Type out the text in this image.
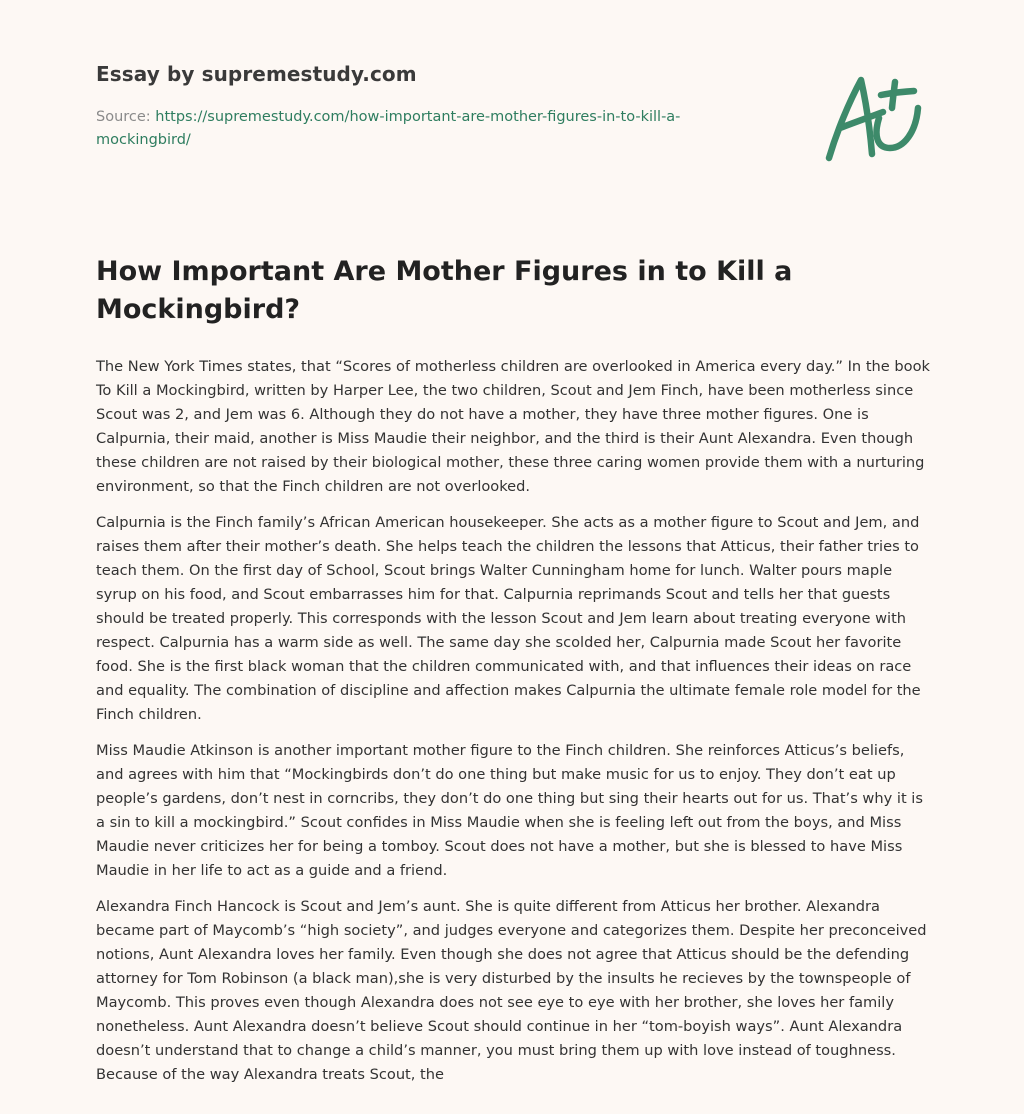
Essay by supremestudy.com
Source: https://supremestudy.com/how-important-are-mother-figures-in-to-kill-a-
mockingbird/
How Important Are Mother Figures in to Kill a Mockingbird?

The New York Times states, that “Scores of motherless children are overlooked in America every day.” In the book To Kill a Mockingbird, written by Harper Lee, the two children, Scout and Jem Finch, have been motherless since Scout was 2, and Jem was 6. Although they do not have a mother, they have three mother figures. One is Calpurnia, their maid, another is Miss Maudie their neighbor, and the third is their Aunt Alexandra. Even though these children are not raised by their biological mother, these three caring women provide them with a nurturing environment, so that the Finch children are not overlooked.

Calpurnia is the Finch family’s African American housekeeper. She acts as a mother figure to Scout and Jem, and raises them after their mother’s death. She helps teach the children the lessons that Atticus, their father tries to teach them. On the first day of School, Scout brings Walter Cunningham home for lunch. Walter pours maple syrup on his food, and Scout embarrasses him for that. Calpurnia reprimands Scout and tells her that guests should be treated properly. This corresponds with the lesson Scout and Jem learn about treating everyone with respect. Calpurnia has a warm side as well. The same day she scolded her, Calpurnia made Scout her favorite food. She is the first black woman that the children communicated with, and that influences their ideas on race and equality. The combination of discipline and affection makes Calpurnia the ultimate female role model for the Finch children.

Miss Maudie Atkinson is another important mother figure to the Finch children. She reinforces Atticus’s beliefs, and agrees with him that “Mockingbirds don’t do one thing but make music for us to enjoy. They don’t eat up people’s gardens, don’t nest in corncribs, they don’t do one thing but sing their hearts out for us. That’s why it is a sin to kill a mockingbird.” Scout confides in Miss Maudie when she is feeling left out from the boys, and Miss Maudie never criticizes her for being a tomboy. Scout does not have a mother, but she is blessed to have Miss Maudie in her life to act as a guide and a friend.

Alexandra Finch Hancock is Scout and Jem’s aunt. She is quite different from Atticus her brother. Alexandra became part of Maycomb’s “high society”, and judges everyone and categorizes them. Despite her preconceived notions, Aunt Alexandra loves her family. Even though she does not agree that Atticus should be the defending attorney for Tom Robinson (a black man),she is very disturbed by the insults he recieves by the townspeople of Maycomb. This proves even though Alexandra does not see eye to eye with her brother, she loves her family nonetheless. Aunt Alexandra doesn’t believe Scout should continue in her “tom-boyish ways”. Aunt Alexandra doesn’t understand that to change a child’s manner, you must bring them up with love instead of toughness. Because of the way Alexandra treats Scout, the
